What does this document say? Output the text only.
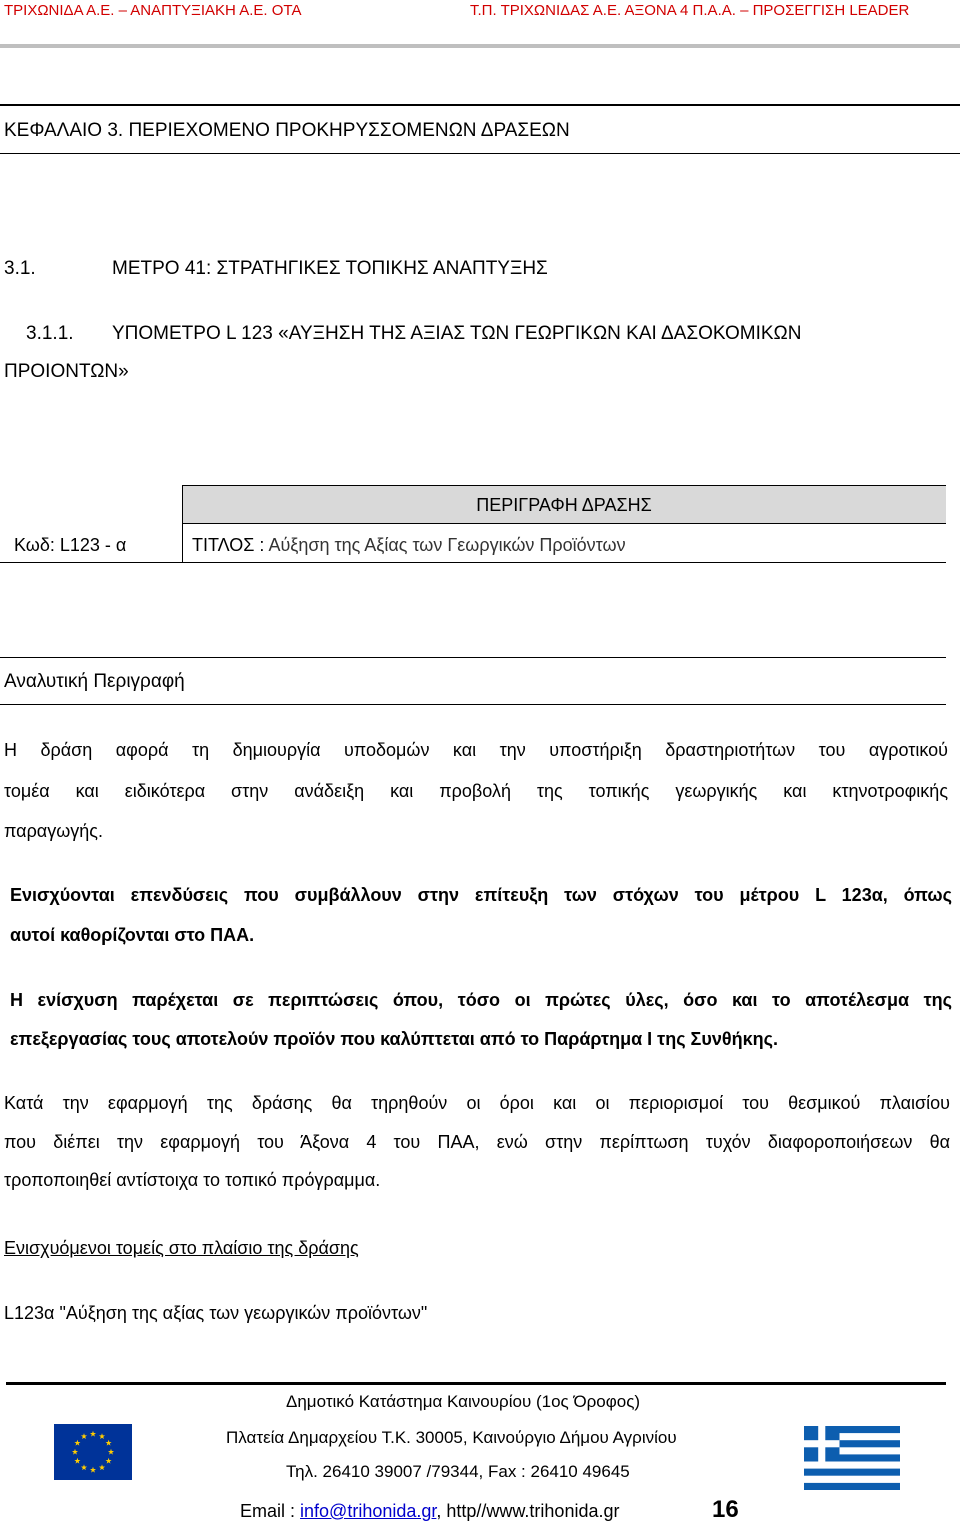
ΤΡΙΧΩΝΙΔΑ Α.Ε. – ΑΝΑΠΤΥΞΙΑΚΗ Α.Ε. ΟΤΑ	Τ.Π. ΤΡΙΧΩΝΙΔΑΣ Α.Ε. ΑΞΟΝΑ 4 Π.Α.Α. – ΠΡΟΣΕΓΓΙΣΗ LEADER
ΚΕΦΑΛΑΙΟ 3. ΠΕΡΙΕΧΟΜΕΝΟ ΠΡΟΚΗΡΥΣΣΟΜΕΝΩΝ ΔΡΑΣΕΩΝ
3.1.	ΜΕΤΡΟ 41: ΣΤΡΑΤΗΓΙΚΕΣ ΤΟΠΙΚΗΣ ΑΝΑΠΤΥΞΗΣ
3.1.1. ΥΠΟΜΕΤΡΟ L 123 «ΑΥΞΗΣΗ ΤΗΣ ΑΞΙΑΣ ΤΩΝ ΓΕΩΡΓΙΚΩΝ ΚΑΙ ΔΑΣΟΚΟΜΙΚΩΝ
ΠΡΟΙΟΝΤΩΝ»
ΠΕΡΙΓΡΑΦΗ ΔΡΑΣΗΣ
Κωδ: L123 - α	ΤΙΤΛΟΣ : Αύξηση της Αξίας των Γεωργικών Προϊόντων
Αναλυτική Περιγραφή
Η δράση αφορά τη δημιουργία υποδομών και την υποστήριξη δραστηριοτήτων του αγροτικού
τομέα και ειδικότερα στην ανάδειξη και προβολή της τοπικής γεωργικής και κτηνοτροφικής
παραγωγής.
Ενισχύονται επενδύσεις που συμβάλλουν στην επίτευξη των στόχων του μέτρου L 123α, όπως
αυτοί καθορίζονται στο ΠΑΑ.
Η ενίσχυση παρέχεται σε περιπτώσεις όπου, τόσο οι πρώτες ύλες, όσο και το αποτέλεσμα της
επεξεργασίας τους αποτελούν προϊόν που καλύπτεται από το Παράρτημα Ι της Συνθήκης.
Κατά την εφαρμογή της δράσης θα τηρηθούν οι όροι και οι περιορισμοί του θεσμικού πλαισίου
που διέπει την εφαρμογή του Άξονα 4 του ΠΑΑ, ενώ στην περίπτωση τυχόν διαφοροποιήσεων θα
τροποποιηθεί αντίστοιχα το τοπικό πρόγραμμα.
Ενισχυόμενοι τομείς στο πλαίσιο της δράσης
L123α "Αύξηση της αξίας των γεωργικών προϊόντων"
Δημοτικό Κατάστημα Καινουρίου (1ος Όροφος)
Πλατεία Δημαρχείου Τ.Κ. 30005, Καινούργιο Δήμου Αγρινίου
Τηλ. 26410 39007 /79344, Fax : 26410 49645
Email : info@trihonida.gr, http//www.trihonida.gr	16
